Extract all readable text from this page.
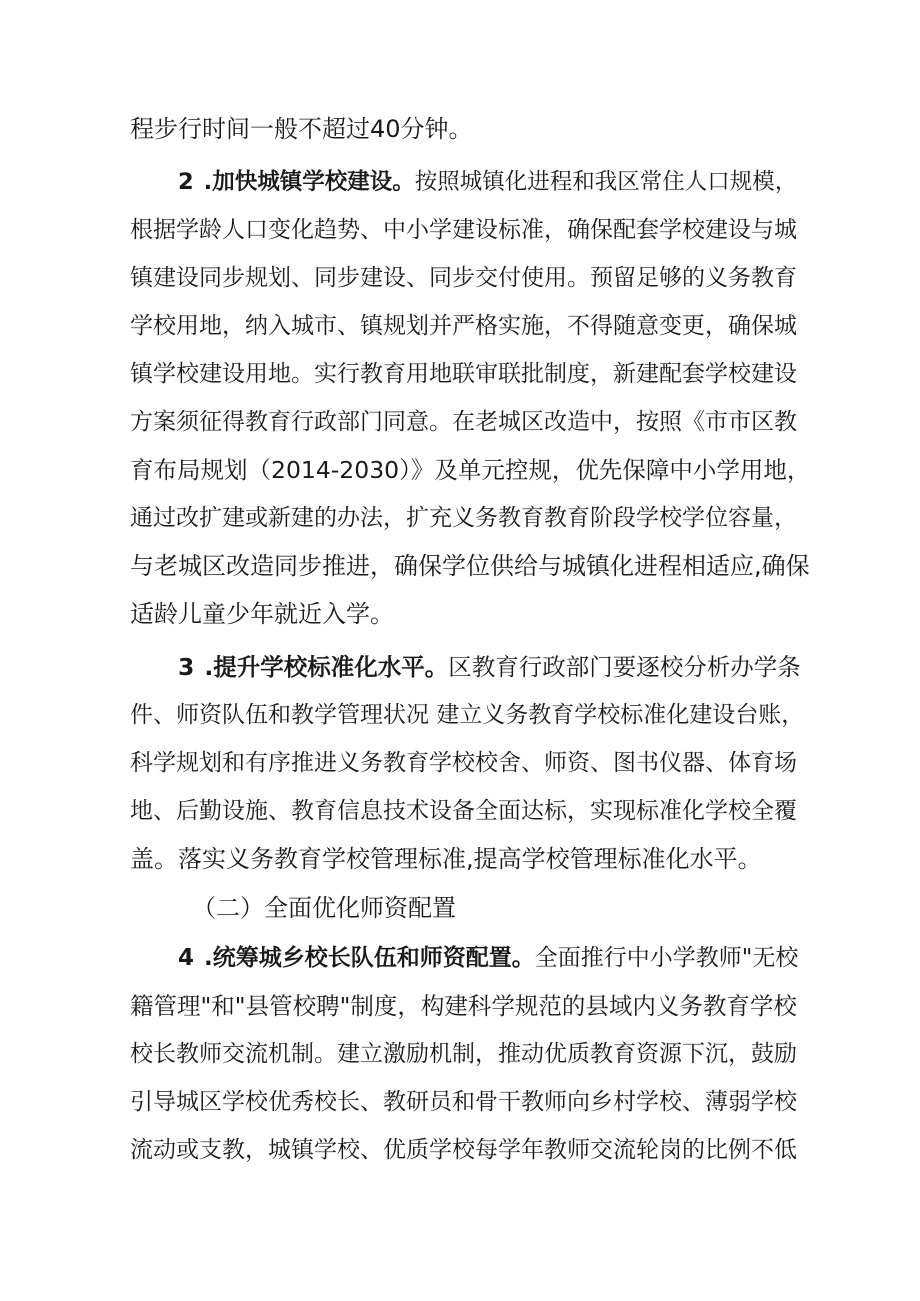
程步行时间一般不超过40分钟。
2 .加快城镇学校建设。按照城镇化进程和我区常住人口规模，
根据学龄人口变化趋势、中小学建设标准，确保配套学校建设与城
镇建设同步规划、同步建设、同步交付使用。预留足够的义务教育
学校用地，纳入城市、镇规划并严格实施，不得随意变更，确保城
镇学校建设用地。实行教育用地联审联批制度，新建配套学校建设
方案须征得教育行政部门同意。在老城区改造中，按照《市市区教
育布局规划（2014-2030）》及单元控规，优先保障中小学用地，
通过改扩建或新建的办法，扩充义务教育教育阶段学校学位容量，
与老城区改造同步推进，确保学位供给与城镇化进程相适应,确保
适龄儿童少年就近入学。
3 .提升学校标准化水平。区教育行政部门要逐校分析办学条
件、师资队伍和教学管理状况 建立义务教育学校标准化建设台账，
科学规划和有序推进义务教育学校校舍、师资、图书仪器、体育场
地、后勤设施、教育信息技术设备全面达标，实现标准化学校全覆
盖。落实义务教育学校管理标准,提高学校管理标准化水平。
（二）全面优化师资配置
4 .统筹城乡校长队伍和师资配置。全面推行中小学教师"无校
籍管理"和"县管校聘"制度，构建科学规范的县域内义务教育学校
校长教师交流机制。建立激励机制，推动优质教育资源下沉，鼓励
引导城区学校优秀校长、教研员和骨干教师向乡村学校、薄弱学校
流动或支教，城镇学校、优质学校每学年教师交流轮岗的比例不低
